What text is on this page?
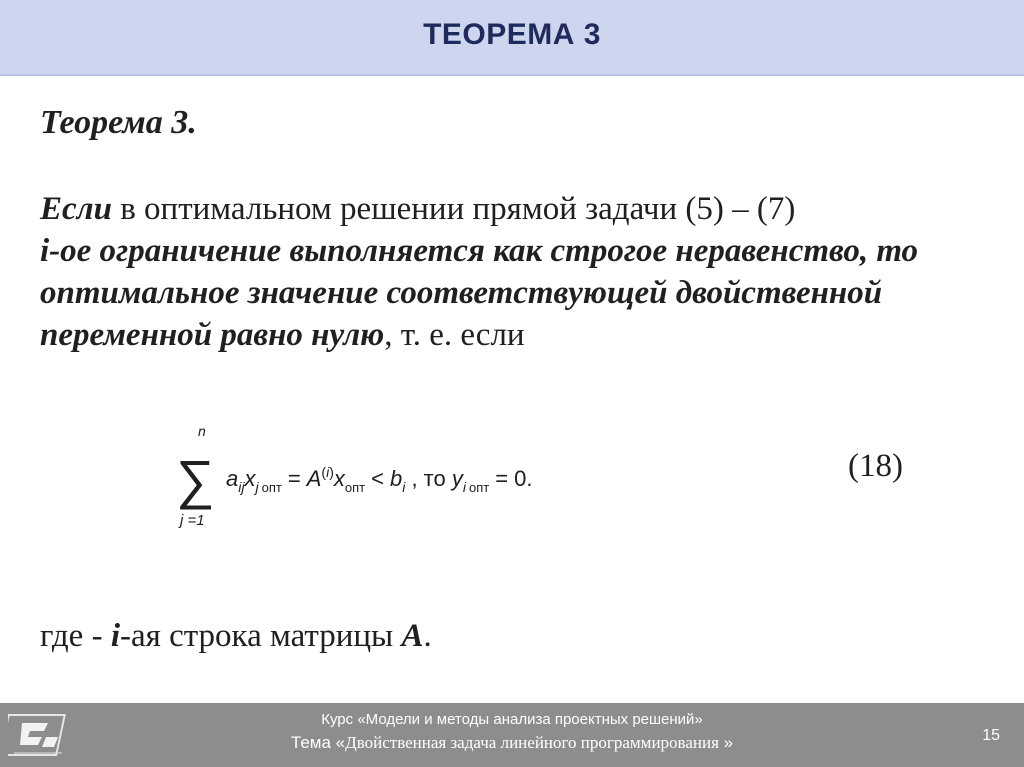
ТЕОРЕМА 3
Теорема 3.
Если в оптимальном решении прямой задачи (5) – (7)
i-ое ограничение выполняется как строгое неравенство, то оптимальное значение соответствующей двойственной переменной равно нулю, т. е. если
n
∑
j =1
$a_{ij}x_j$ опт = $A^(i)x_{опт} < b_i$ , то $y_i$ опт = 0.	(18)
где - i-ая строка матрицы A.
Курс «Модели и методы анализа проектных решений»
Тема «Двойственная задача линейного программирования »	15
